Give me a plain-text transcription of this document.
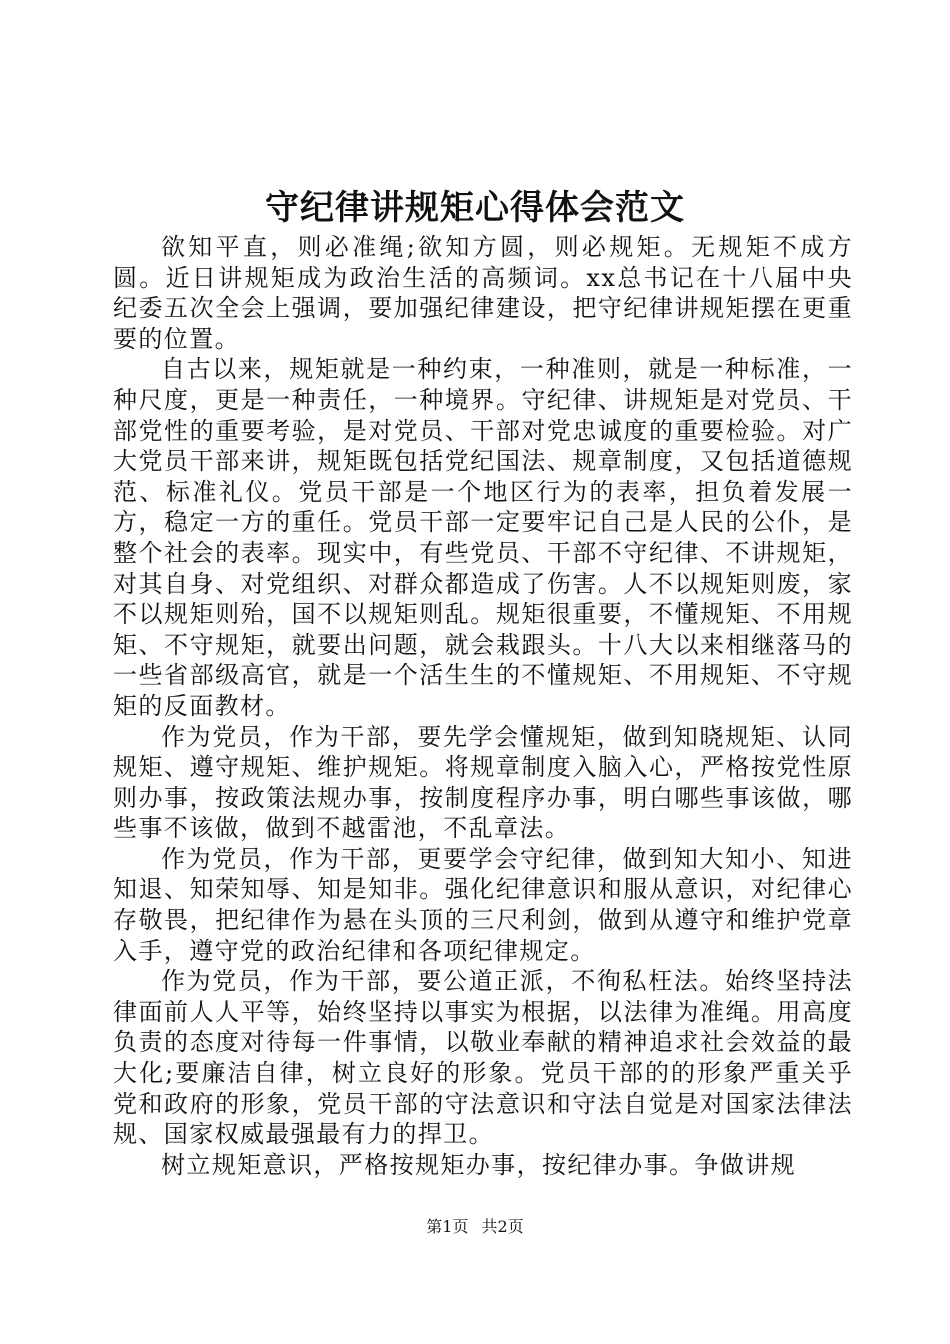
守纪律讲规矩心得体会范文

欲知平直，则必准绳;欲知方圆，则必规矩。无规矩不成方圆。近日讲规矩成为政治生活的高频词。xx总书记在十八届中央纪委五次全会上强调，要加强纪律建设，把守纪律讲规矩摆在更重要的位置。

自古以来，规矩就是一种约束，一种准则，就是一种标准，一种尺度，更是一种责任，一种境界。守纪律、讲规矩是对党员、干部党性的重要考验，是对党员、干部对党忠诚度的重要检验。对广大党员干部来讲，规矩既包括党纪国法、规章制度，又包括道德规范、标准礼仪。党员干部是一个地区行为的表率，担负着发展一方，稳定一方的重任。党员干部一定要牢记自己是人民的公仆，是整个社会的表率。现实中，有些党员、干部不守纪律、不讲规矩，对其自身、对党组织、对群众都造成了伤害。人不以规矩则废，家不以规矩则殆，国不以规矩则乱。规矩很重要，不懂规矩、不用规矩、不守规矩，就要出问题，就会栽跟头。十八大以来相继落马的一些省部级高官，就是一个活生生的不懂规矩、不用规矩、不守规矩的反面教材。

作为党员，作为干部，要先学会懂规矩，做到知晓规矩、认同规矩、遵守规矩、维护规矩。将规章制度入脑入心，严格按党性原则办事，按政策法规办事，按制度程序办事，明白哪些事该做，哪些事不该做，做到不越雷池，不乱章法。

作为党员，作为干部，更要学会守纪律，做到知大知小、知进知退、知荣知辱、知是知非。强化纪律意识和服从意识，对纪律心存敬畏，把纪律作为悬在头顶的三尺利剑，做到从遵守和维护党章入手，遵守党的政治纪律和各项纪律规定。

作为党员，作为干部，要公道正派，不徇私枉法。始终坚持法律面前人人平等，始终坚持以事实为根据，以法律为准绳。用高度负责的态度对待每一件事情，以敬业奉献的精神追求社会效益的最大化;要廉洁自律，树立良好的形象。党员干部的的形象严重关乎党和政府的形象，党员干部的守法意识和守法自觉是对国家法律法规、国家权威最强最有力的捍卫。

树立规矩意识，严格按规矩办事，按纪律办事。争做讲规

第1页 共2页
